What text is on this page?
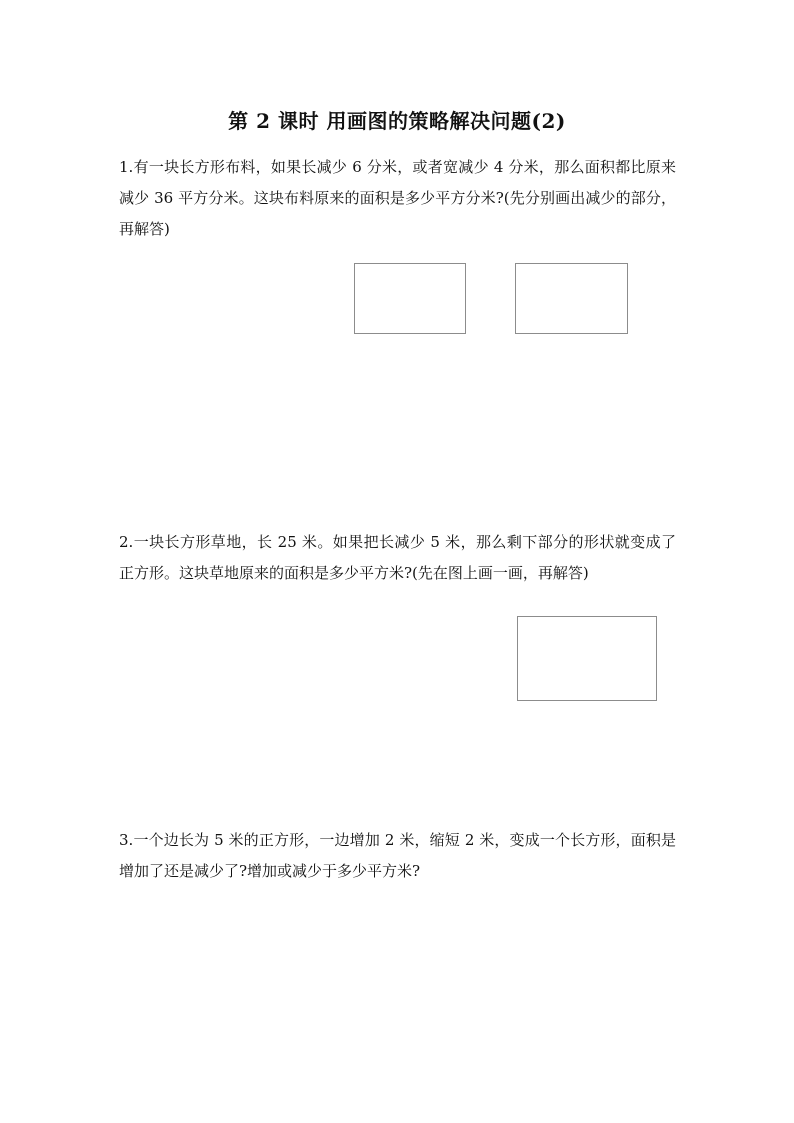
第 2 课时 用画图的策略解决问题(2)
1.有一块长方形布料，如果长减少 6 分米，或者宽减少 4 分米，那么面积都比原来减少 36 平方分米。这块布料原来的面积是多少平方分米?(先分别画出减少的部分，再解答)
2.一块长方形草地，长 25 米。如果把长减少 5 米，那么剩下部分的形状就变成了正方形。这块草地原来的面积是多少平方米?(先在图上画一画，再解答)
3.一个边长为 5 米的正方形，一边增加 2 米，缩短 2 米，变成一个长方形，面积是增加了还是减少了?增加或减少于多少平方米?
